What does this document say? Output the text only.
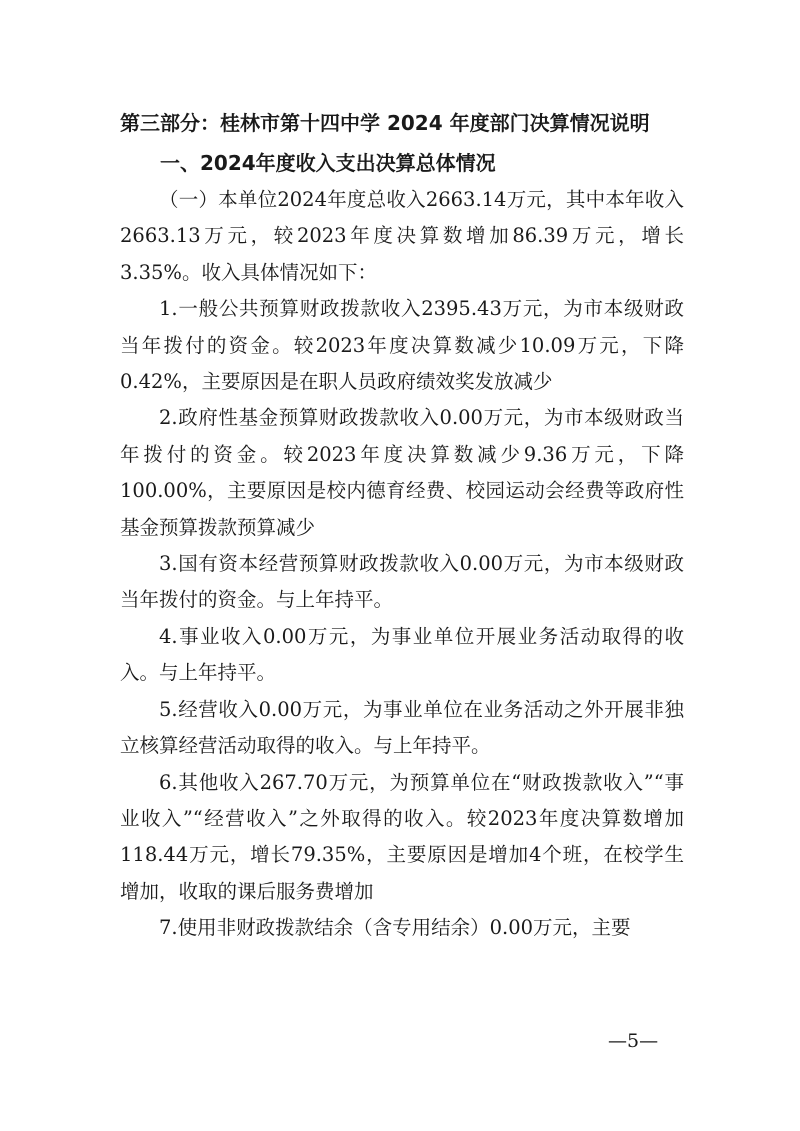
第三部分：桂林市第十四中学 2024 年度部门决算情况说明
一、2024年度收入支出决算总体情况

（一）本单位2024年度总收入2663.14万元，其中本年收入2663.13万元，较2023年度决算数增加86.39万元，增长3.35%。收入具体情况如下：

1.一般公共预算财政拨款收入2395.43万元，为市本级财政当年拨付的资金。较2023年度决算数减少10.09万元，下降0.42%，主要原因是在职人员政府绩效奖发放减少

2.政府性基金预算财政拨款收入0.00万元，为市本级财政当年拨付的资金。较2023年度决算数减少9.36万元，下降100.00%，主要原因是校内德育经费、校园运动会经费等政府性基金预算拨款预算减少

3.国有资本经营预算财政拨款收入0.00万元，为市本级财政当年拨付的资金。与上年持平。

4.事业收入0.00万元，为事业单位开展业务活动取得的收入。与上年持平。

5.经营收入0.00万元，为事业单位在业务活动之外开展非独立核算经营活动取得的收入。与上年持平。

6.其他收入267.70万元，为预算单位在“财政拨款收入”“事业收入”“经营收入”之外取得的收入。较2023年度决算数增加118.44万元，增长79.35%，主要原因是增加4个班，在校学生增加，收取的课后服务费增加

7.使用非财政拨款结余（含专用结余）0.00万元，主要

—5—
